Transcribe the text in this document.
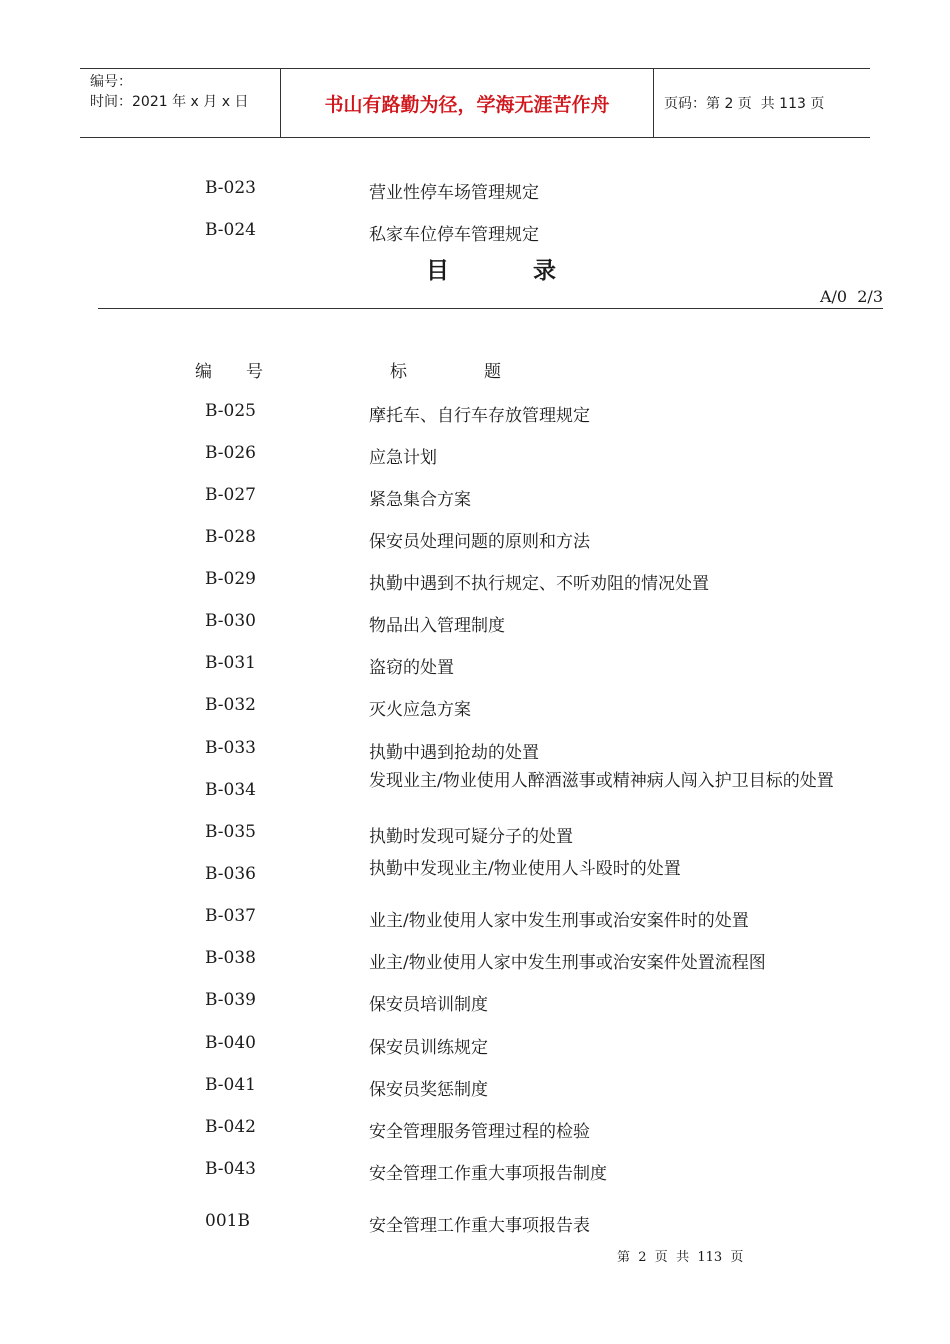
编号：
时间：2021 年 x 月 x 日	书山有路勤为径，学海无涯苦作舟	页码：第 2 页  共 113 页
B-023	营业性停车场管理规定
B-024	私家车位停车管理规定
目	录
A/0  2/3
编 号	标	题
B-025	摩托车、自行车存放管理规定
B-026	应急计划
B-027	紧急集合方案
B-028	保安员处理问题的原则和方法
B-029	执勤中遇到不执行规定、不听劝阻的情况处置
B-030	物品出入管理制度
B-031	盗窃的处置
B-032	灭火应急方案
B-033	执勤中遇到抢劫的处置
B-034	发现业主/物业使用人醉酒滋事或精神病人闯入护卫目标的处置
B-035	执勤时发现可疑分子的处置
B-036	执勤中发现业主/物业使用人斗殴时的处置
B-037	业主/物业使用人家中发生刑事或治安案件时的处置
B-038	业主/物业使用人家中发生刑事或治安案件处置流程图
B-039	保安员培训制度
B-040	保安员训练规定
B-041	保安员奖惩制度
B-042	安全管理服务管理过程的检验
B-043	安全管理工作重大事项报告制度
001B	安全管理工作重大事项报告表
第  2  页  共  113  页
